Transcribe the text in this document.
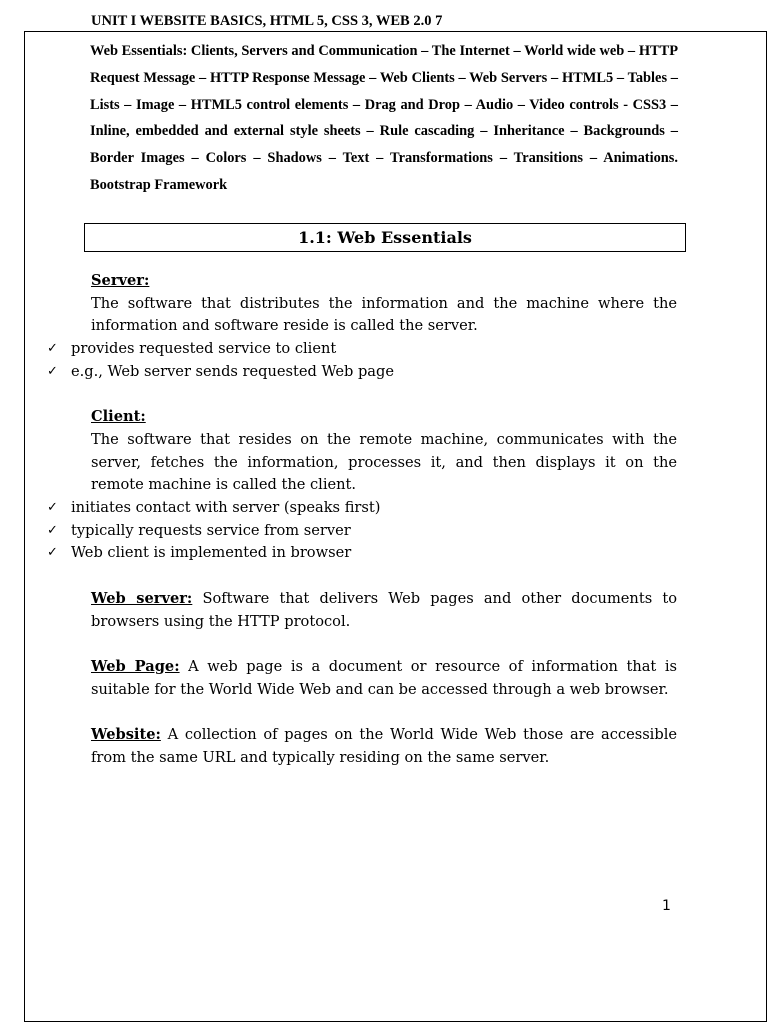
UNIT I WEBSITE BASICS, HTML 5, CSS 3, WEB 2.0 7
Web Essentials: Clients, Servers and Communication – The Internet – World wide web – HTTP Request Message – HTTP Response Message – Web Clients – Web Servers – HTML5 – Tables – Lists – Image – HTML5 control elements – Drag and Drop – Audio – Video controls - CSS3 – Inline, embedded and external style sheets – Rule cascading – Inheritance – Backgrounds – Border Images – Colors – Shadows – Text – Transformations – Transitions – Animations. Bootstrap Framework
1.1: Web Essentials
Server:
The software that distributes the information and the machine where the information and software reside is called the server.
✓ provides requested service to client
✓ e.g., Web server sends requested Web page
Client:
The software that resides on the remote machine, communicates with the server, fetches the information, processes it, and then displays it on the remote machine is called the client.
✓ initiates contact with server (speaks first)
✓ typically requests service from server
✓ Web client is implemented in browser
Web server: Software that delivers Web pages and other documents to browsers using the HTTP protocol.
Web Page: A web page is a document or resource of information that is suitable for the World Wide Web and can be accessed through a web browser.
Website: A collection of pages on the World Wide Web those are accessible from the same URL and typically residing on the same server.
1
